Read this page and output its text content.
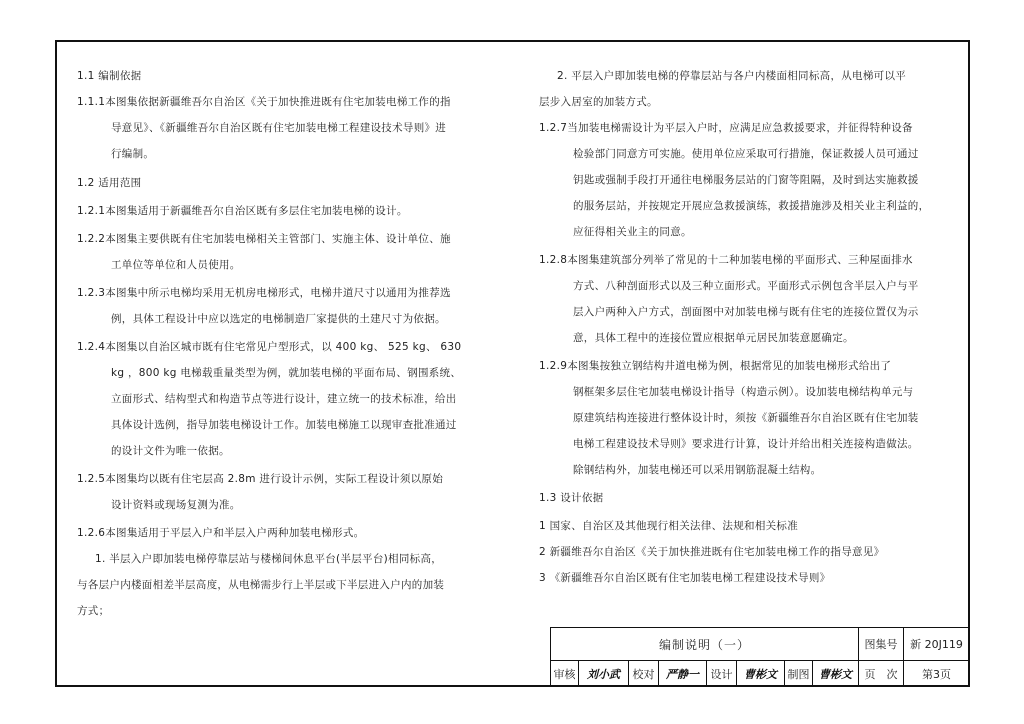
1.1 编制依据
1.1.1本图集依据新疆维吾尔自治区《关于加快推进既有住宅加装电梯工作的指
导意见》、《新疆维吾尔自治区既有住宅加装电梯工程建设技术导则》进
行编制。
1.2 适用范围
1.2.1本图集适用于新疆维吾尔自治区既有多层住宅加装电梯的设计。
1.2.2本图集主要供既有住宅加装电梯相关主管部门、实施主体、设计单位、施
工单位等单位和人员使用。
1.2.3本图集中所示电梯均采用无机房电梯形式，电梯井道尺寸以通用为推荐选
例，具体工程设计中应以选定的电梯制造厂家提供的土建尺寸为依据。
1.2.4本图集以自治区城市既有住宅常见户型形式，以 400 kg、 525 kg、 630
kg ，800 kg 电梯载重量类型为例，就加装电梯的平面布局、钢围系统、
立面形式、结构型式和构造节点等进行设计，建立统一的技术标准，给出
具体设计选例，指导加装电梯设计工作。加装电梯施工以现审查批准通过
的设计文件为唯一依据。
1.2.5本图集均以既有住宅层高 2.8m 进行设计示例，实际工程设计须以原始
设计资料或现场复测为准。
1.2.6本图集适用于平层入户和半层入户两种加装电梯形式。
1. 半层入户即加装电梯停靠层站与楼梯间休息平台(半层平台)相同标高，
与各层户内楼面相差半层高度，从电梯需步行上半层或下半层进入户内的加装
方式；
2. 平层入户即加装电梯的停靠层站与各户内楼面相同标高，从电梯可以平
层步入居室的加装方式。
1.2.7当加装电梯需设计为平层入户时，应满足应急救援要求，并征得特种设备
检验部门同意方可实施。使用单位应采取可行措施，保证救援人员可通过
钥匙或强制手段打开通往电梯服务层站的门窗等阻隔，及时到达实施救援
的服务层站，并按规定开展应急救援演练，救援措施涉及相关业主利益的，
应征得相关业主的同意。
1.2.8本图集建筑部分列举了常见的十二种加装电梯的平面形式、三种屋面排水
方式、八种剖面形式以及三种立面形式。平面形式示例包含半层入户与平
层入户两种入户方式，剖面图中对加装电梯与既有住宅的连接位置仅为示
意，具体工程中的连接位置应根据单元居民加装意愿确定。
1.2.9本图集按独立钢结构井道电梯为例，根据常见的加装电梯形式给出了
钢框架多层住宅加装电梯设计指导（构造示例）。设加装电梯结构单元与
原建筑结构连接进行整体设计时，须按《新疆维吾尔自治区既有住宅加装
电梯工程建设技术导则》要求进行计算，设计并给出相关连接构造做法。
除钢结构外，加装电梯还可以采用钢筋混凝土结构。
1.3 设计依据
1 国家、自治区及其他现行相关法律、法规和相关标准
2 新疆维吾尔自治区《关于加快推进既有住宅加装电梯工作的指导意见》
3 《新疆维吾尔自治区既有住宅加装电梯工程建设技术导则》
编制说明（一）	图集号	新 20J119
审核	刘小武	校对	严静一	设计	曹彬文 制图 曹彬文	页　次	第3页
